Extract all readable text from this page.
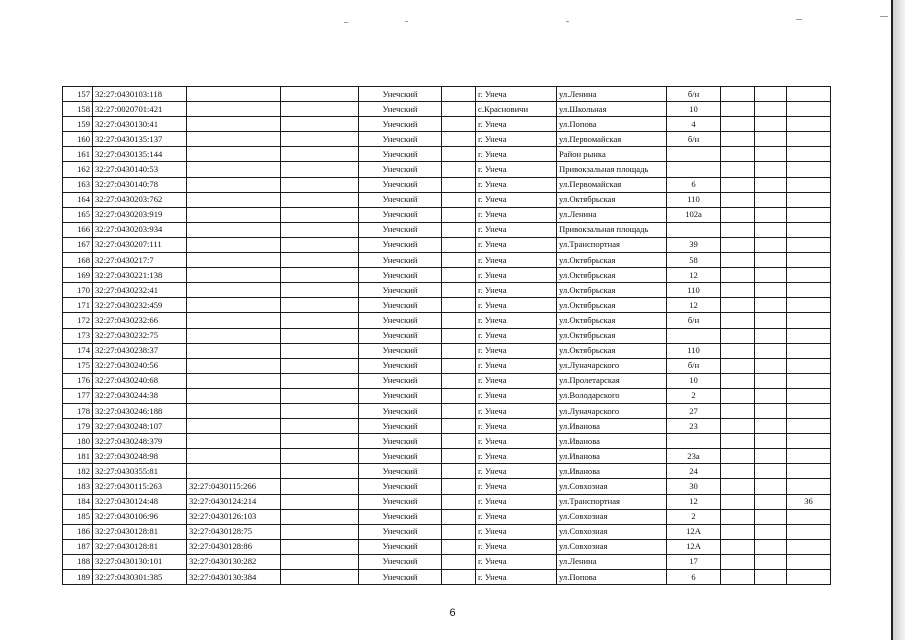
157	32:27:0430103:118			Унечский		г. Унеча	ул.Ленина	б/н			
158	32:27:0020701:421			Унечский		с.Красновичи	ул.Школьная	10			
159	32:27:0430130:41			Унечский		г. Унеча	ул.Попова	4			
160	32:27:0430135:137			Унечский		г. Унеча	ул.Первомайская	б/н			
161	32:27:0430135:144			Унечский		г. Унеча	Район рынка				
162	32:27:0430140:53			Унечский		г. Унеча	Привокзальная площадь				
163	32:27:0430140:78			Унечский		г. Унеча	ул.Первомайская	6			
164	32:27:0430203:762			Унечский		г. Унеча	ул.Октябрьская	110			
165	32:27:0430203:919			Унечский		г. Унеча	ул.Ленина	102а			
166	32:27:0430203:934			Унечский		г. Унеча	Привокзальная площадь				
167	32:27:0430207:111			Унечский		г. Унеча	ул.Транспортная	39			
168	32:27:0430217:7			Унечский		г. Унеча	ул.Октябрьская	58			
169	32:27:0430221:138			Унечский		г. Унеча	ул.Октябрьская	12			
170	32:27:0430232:41			Унечский		г. Унеча	ул.Октябрьская	110			
171	32:27:0430232:459			Унечский		г. Унеча	ул.Октябрьская	12			
172	32:27:0430232:66			Унечский		г. Унеча	ул.Октябрьская	б/н			
173	32:27:0430232:75			Унечский		г. Унеча	ул.Октябрьская				
174	32:27:0430238:37			Унечский		г. Унеча	ул.Октябрьская	110			
175	32:27:0430240:56			Унечский		г. Унеча	ул.Луначарского	б/н			
176	32:27:0430240:68			Унечский		г. Унеча	ул.Пролетарская	10			
177	32:27:0430244:38			Унечский		г. Унеча	ул.Володарского	2			
178	32:27:0430246:188			Унечский		г. Унеча	ул.Луначарского	27			
179	32:27:0430248:107			Унечский		г. Унеча	ул.Иванова	23			
180	32:27:0430248:379			Унечский		г. Унеча	ул.Иванова				
181	32:27:0430248:98			Унечский		г. Унеча	ул.Иванова	23а			
182	32:27:0430355:81			Унечский		г. Унеча	ул.Иванова	24			
183	32:27:0430115:263	32:27:0430115:266		Унечский		г. Унеча	ул.Совхозная	30			
184	32:27:0430124:48	32:27:0430124:214		Унечский		г. Унеча	ул.Транспортная	12			36
185	32:27:0430106:96	32:27:0430126:103		Унечский		г. Унеча	ул.Совхозная	2			
186	32:27:0430128:81	32:27:0430128:75		Унечский		г. Унеча	ул.Совхозная	12А			
187	32:27:0430128:81	32:27:0430128:86		Унечский		г. Унеча	ул.Совхозная	12А			
188	32:27:0430130:101	32:27:0430130:282		Унечский		г. Унеча	ул.Ленина	17			
189	32:27:0430301:385	32:27:0430130:384		Унечский		г. Унеча	ул.Попова	6			
6
